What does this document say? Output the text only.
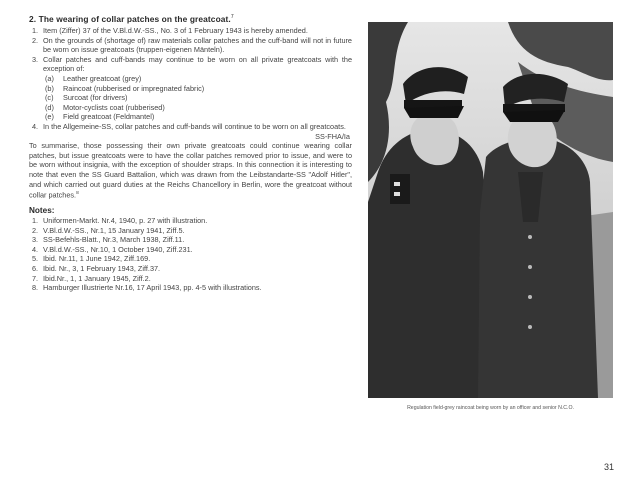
2. The wearing of collar patches on the greatcoat.$^7$
1. Item (Ziffer) 37 of the V.Bl.d.W.-SS., No. 3 of 1 February 1943 is hereby amended.
2. On the grounds of (shortage of) raw materials collar patches and the cuff-band will not in future be worn on issue greatcoats (truppen-eigenen Mänteln).
3. Collar patches and cuff-bands may continue to be worn on all private greatcoats with the exception of:
(a) Leather greatcoat (grey)
(b) Raincoat (rubberised or impregnated fabric)
(c) Surcoat (for drivers)
(d) Motor-cyclists coat (rubberised)
(e) Field greatcoat (Feldmantel)
4. In the Allgemeine-SS, collar patches and cuff-bands will continue to be worn on all greatcoats.
SS-FHA/Ia
To summarise, those possessing their own private greatcoats could continue wearing collar patches, but issue greatcoats were to have the collar patches removed prior to issue, and were to be worn without insignia, with the exception of shoulder straps. In this connection it is interesting to note that even the SS Guard Battalion, which was drawn from the Leibstandarte-SS "Adolf Hitler", and which carried out guard duties at the Reichs Chancellory in Berlin, wore the greatcoat without collar patches.$^8$
Notes:
1. Uniformen-Markt. Nr.4, 1940, p. 27 with illustration.
2. V.Bl.d.W.-SS., Nr.1, 15 January 1941, Ziff.5.
3. SS-Befehls-Blatt., Nr.3, March 1938, Ziff.11.
4. V.Bl.d.W.-SS., Nr.10, 1 October 1940, Ziff.231.
5. Ibid. Nr.11, 1 June 1942, Ziff.169.
6. Ibid. Nr., 3, 1 February 1943, Ziff.37.
7. Ibid.Nr., 1, 1 January 1945, Ziff.2.
8. Hamburger Illustrierte Nr.16, 17 April 1943, pp. 4-5 with illustrations.
Regulation field-grey raincoat being worn by an officer and senior N.C.O.
31
